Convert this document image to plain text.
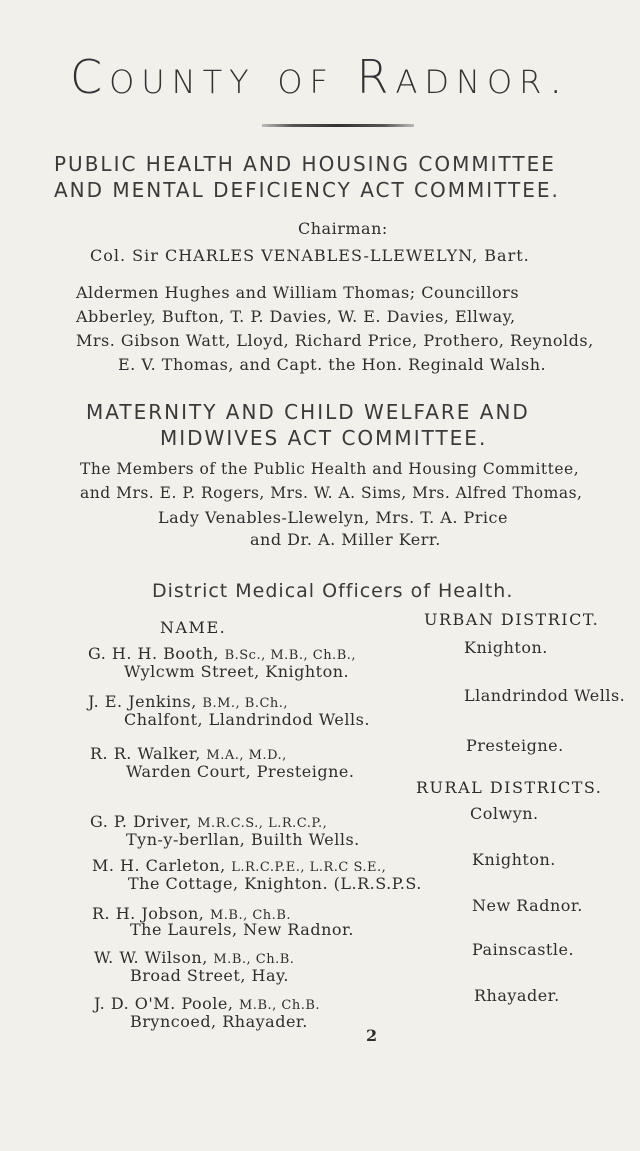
County of Radnor.
PUBLIC HEALTH AND HOUSING COMMITTEE
AND MENTAL DEFICIENCY ACT COMMITTEE.
Chairman:
Col. Sir CHARLES VENABLES-LLEWELYN, Bart.
Aldermen Hughes and William Thomas; Councillors
Abberley, Bufton, T. P. Davies, W. E. Davies, Ellway,
Mrs. Gibson Watt, Lloyd, Richard Price, Prothero, Reynolds,
E. V. Thomas, and Capt. the Hon. Reginald Walsh.
MATERNITY AND CHILD WELFARE AND
MIDWIVES ACT COMMITTEE.
The Members of the Public Health and Housing Committee,
and Mrs. E. P. Rogers, Mrs. W. A. Sims, Mrs. Alfred Thomas,
Lady Venables-Llewelyn, Mrs. T. A. Price
and Dr. A. Miller Kerr.
District Medical Officers of Health.
NAME.	URBAN DISTRICT.
G. H. H. Booth, B.Sc., M.B., Ch.B.,
Wylcwm Street, Knighton.
Knighton.
J. E. Jenkins, B.M., B.Ch.,
Chalfont, Llandrindod Wells.
Llandrindod Wells.
R. R. Walker, M.A., M.D.,
Warden Court, Presteigne.
Presteigne.
RURAL DISTRICTS.
G. P. Driver, M.R.C.S., L.R.C.P.,
Tyn-y-berllan, Builth Wells.
Colwyn.
M. H. Carleton, L.R.C.P.E., L.R.C S.E.,
The Cottage, Knighton. (L.R.S.P.S.
Knighton.
R. H. Jobson, M.B., Ch.B.
The Laurels, New Radnor.
New Radnor.
W. W. Wilson, M.B., Ch.B.
Broad Street, Hay.
Painscastle.
J. D. O'M. Poole, M.B., Ch.B.
Bryncoed, Rhayader.
Rhayader.
2
